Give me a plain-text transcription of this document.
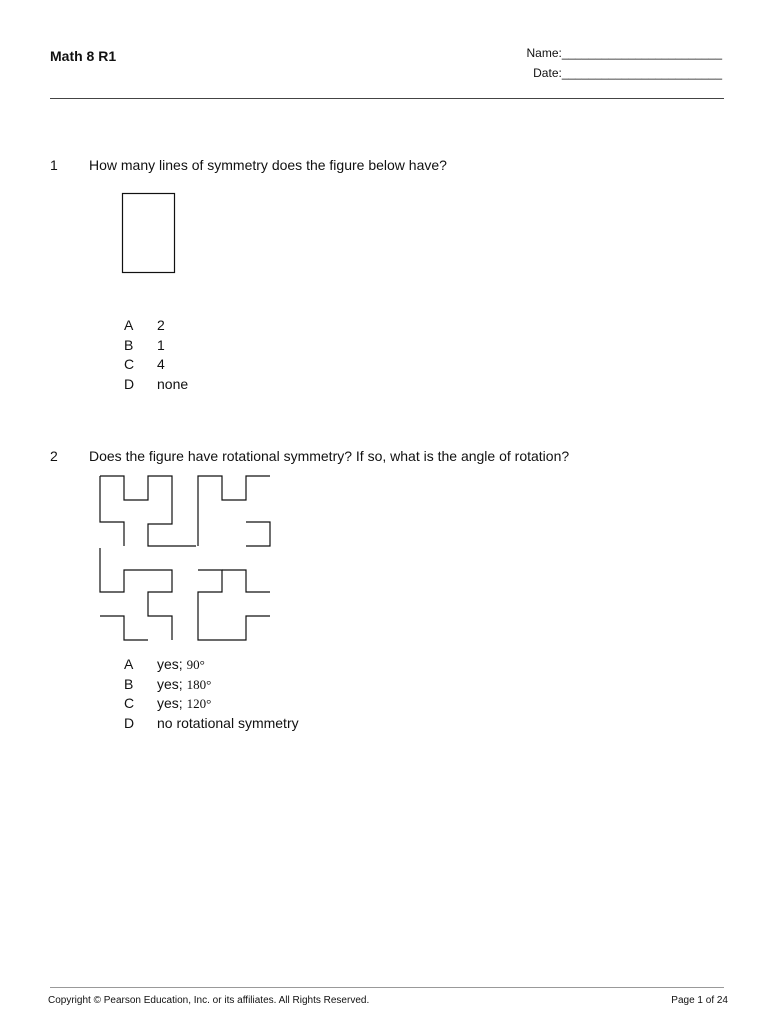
Math 8 R1	Name:________________________
Date:________________________
1 How many lines of symmetry does the figure below have?
A	2
B	1
C	4
D	none
2 Does the figure have rotational symmetry? If so, what is the angle of rotation?
A	yes; 90°
B	yes; 180°
C	yes; 120°
D	no rotational symmetry
Copyright © Pearson Education, Inc. or its affiliates. All Rights Reserved.	Page 1 of 24
